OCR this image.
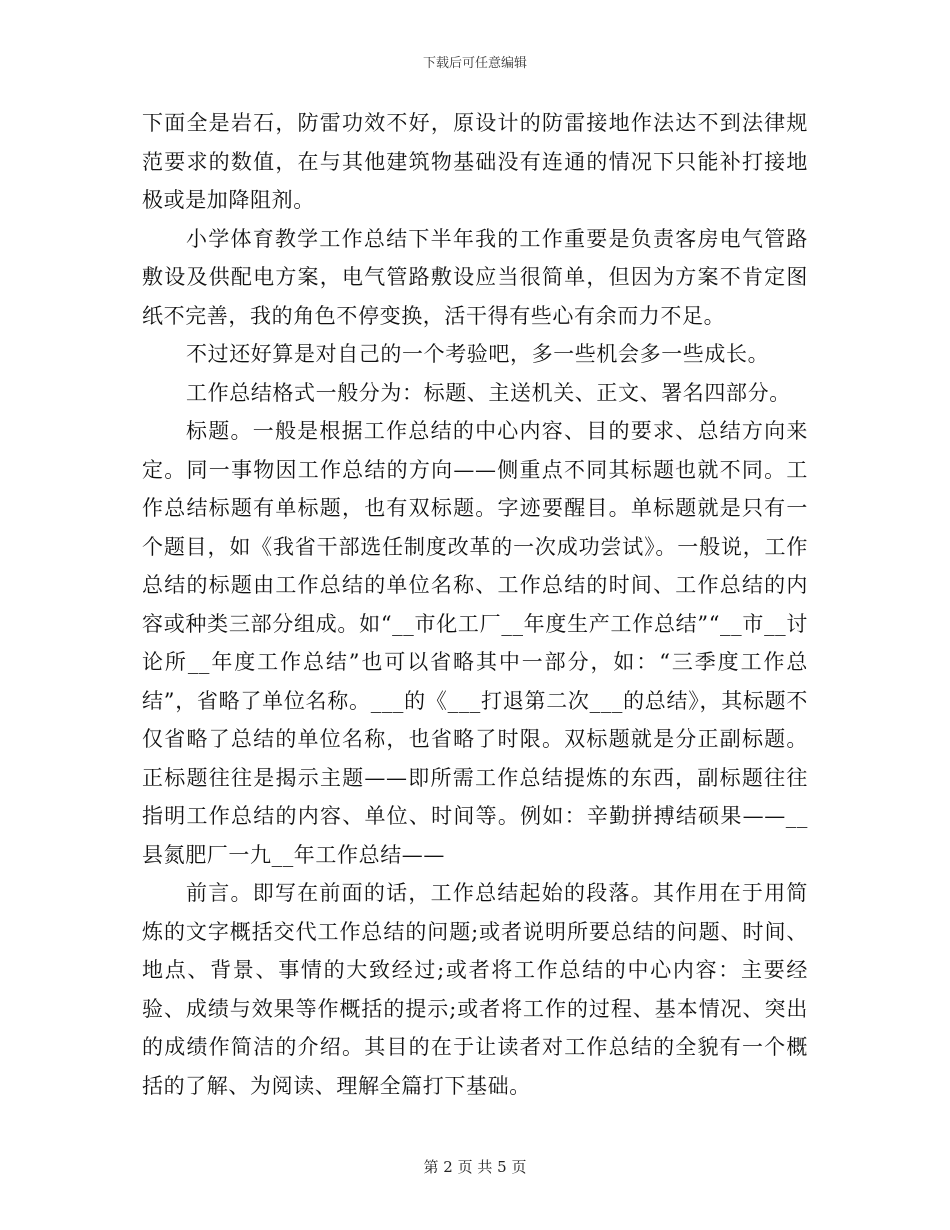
下载后可任意编辑

下面全是岩石，防雷功效不好，原设计的防雷接地作法达不到法律规范要求的数值，在与其他建筑物基础没有连通的情况下只能补打接地极或是加降阻剂。

小学体育教学工作总结下半年我的工作重要是负责客房电气管路敷设及供配电方案，电气管路敷设应当很简单，但因为方案不肯定图纸不完善，我的角色不停变换，活干得有些心有余而力不足。

不过还好算是对自己的一个考验吧，多一些机会多一些成长。

工作总结格式一般分为：标题、主送机关、正文、署名四部分。

标题。一般是根据工作总结的中心内容、目的要求、总结方向来定。同一事物因工作总结的方向——侧重点不同其标题也就不同。工作总结标题有单标题，也有双标题。字迹要醒目。单标题就是只有一个题目，如《我省干部选任制度改革的一次成功尝试》。一般说，工作总结的标题由工作总结的单位名称、工作总结的时间、工作总结的内容或种类三部分组成。如“__市化工厂__年度生产工作总结”“__市__讨论所__年度工作总结”也可以省略其中一部分，如：“三季度工作总结”，省略了单位名称。___的《___打退第二次___的总结》，其标题不仅省略了总结的单位名称，也省略了时限。双标题就是分正副标题。正标题往往是揭示主题——即所需工作总结提炼的东西，副标题往往指明工作总结的内容、单位、时间等。例如：辛勤拼搏结硕果——__县氮肥厂一九__年工作总结——

前言。即写在前面的话，工作总结起始的段落。其作用在于用简炼的文字概括交代工作总结的问题;或者说明所要总结的问题、时间、地点、背景、事情的大致经过;或者将工作总结的中心内容：主要经验、成绩与效果等作概括的提示;或者将工作的过程、基本情况、突出的成绩作简洁的介绍。其目的在于让读者对工作总结的全貌有一个概括的了解、为阅读、理解全篇打下基础。

第 2 页 共 5 页
